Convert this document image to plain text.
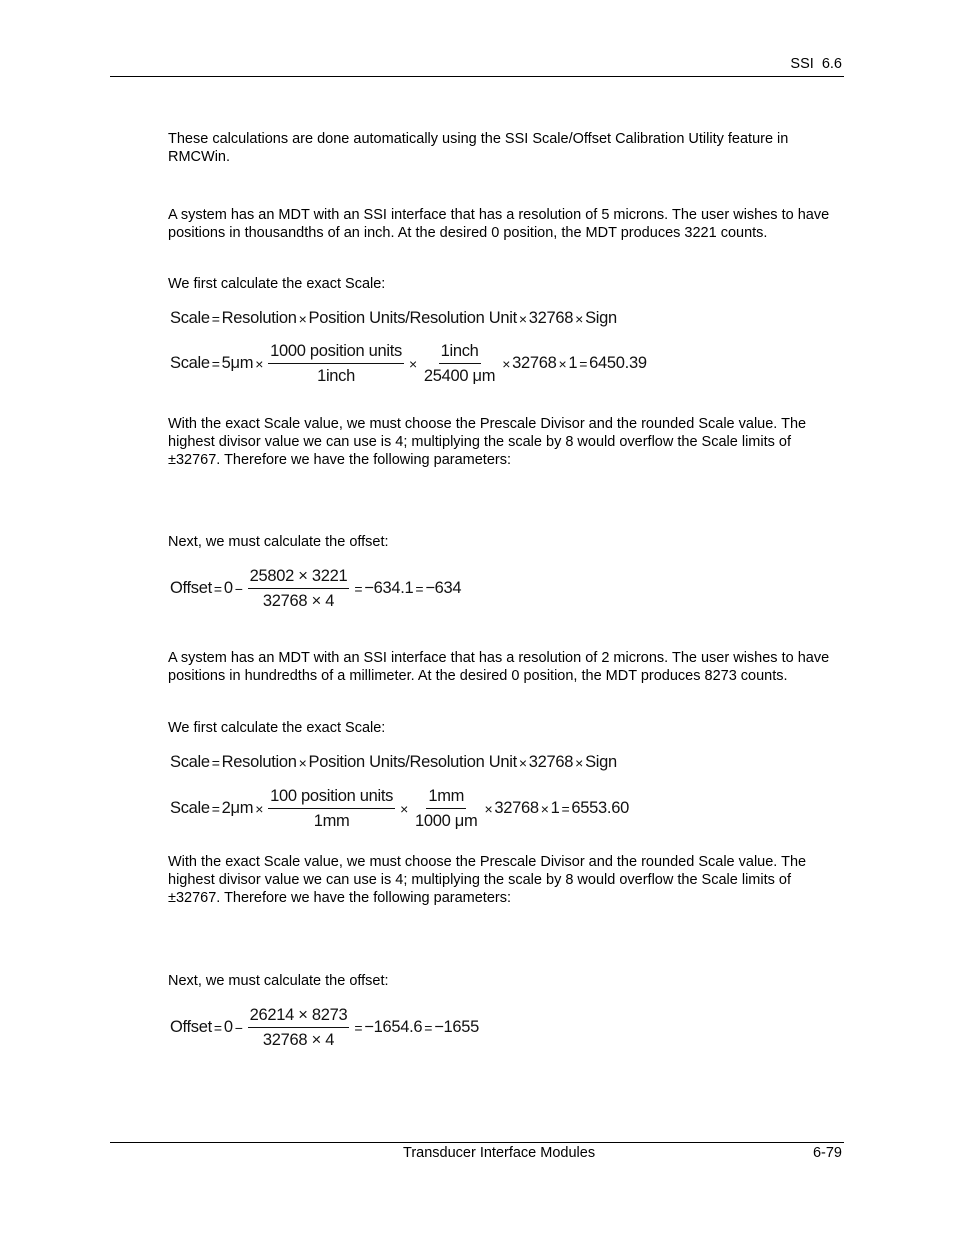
SSI  6.6

These calculations are done automatically using the SSI Scale/Offset Calibration Utility feature in RMCWin.

A system has an MDT with an SSI interface that has a resolution of 5 microns. The user wishes to have positions in thousandths of an inch. At the desired 0 position, the MDT produces 3221 counts.

We first calculate the exact Scale:

Scale = Resolution × Position Units/Resolution Unit × 32768 × Sign
Scale = $5\mu m \times \frac{\text{1000 position units}}{\text{1inch}} \times \frac{\text{1inch}}{25400 \mu m} \times 32768 \times 1 = 6450.39$

With the exact Scale value, we must choose the Prescale Divisor and the rounded Scale value. The highest divisor value we can use is 4; multiplying the scale by 8 would overflow the Scale limits of ±32767. Therefore we have the following parameters:

Next, we must calculate the offset:

Offset = $0 - \frac{25802 \times 3221}{32768 \times 4} = -634.1 = -634$

A system has an MDT with an SSI interface that has a resolution of 2 microns. The user wishes to have positions in hundredths of a millimeter. At the desired 0 position, the MDT produces 8273 counts.

We first calculate the exact Scale:

Scale = Resolution × Position Units/Resolution Unit × 32768 × Sign
Scale = $2\mu m \times \frac{\text{100 position units}}{1mm} \times \frac{1mm}{1000 \mu m} \times 32768 \times 1 = 6553.60$

With the exact Scale value, we must choose the Prescale Divisor and the rounded Scale value. The highest divisor value we can use is 4; multiplying the scale by 8 would overflow the Scale limits of ±32767. Therefore we have the following parameters:

Next, we must calculate the offset:

Offset = $0 - \frac{26214 \times 8273}{32768 \times 4} = -1654.6 = -1655$
Transducer Interface Modules	6-79
